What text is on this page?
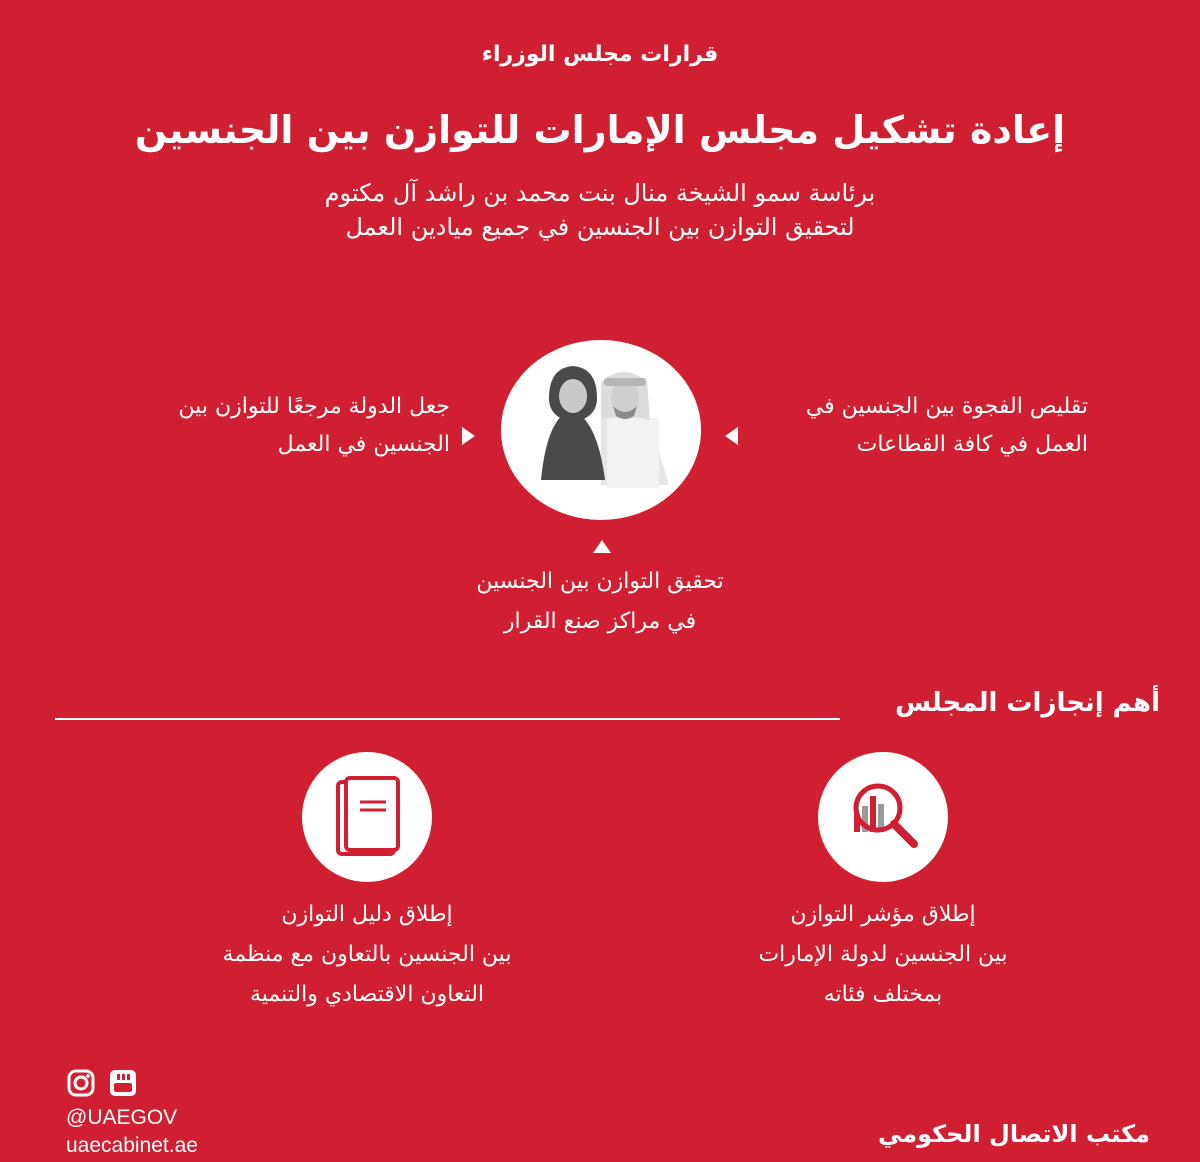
قرارات مجلس الوزراء
إعادة تشكيل مجلس الإمارات للتوازن بين الجنسين
برئاسة سمو الشيخة منال بنت محمد بن راشد آل مكتوم
لتحقيق التوازن بين الجنسين في جميع ميادين العمل
تقليص الفجوة بين الجنسين في
العمل في كافة القطاعات
جعل الدولة مرجعًا للتوازن بين
الجنسين في العمل
تحقيق التوازن بين الجنسين
في مراكز صنع القرار
أهم إنجازات المجلس
إطلاق مؤشر التوازن
بين الجنسين لدولة الإمارات
بمختلف فئاته
إطلاق دليل التوازن
بين الجنسين بالتعاون مع منظمة
التعاون الاقتصادي والتنمية
@UAEGOV
uaecabinet.ae	مكتب الاتصال الحكومي
